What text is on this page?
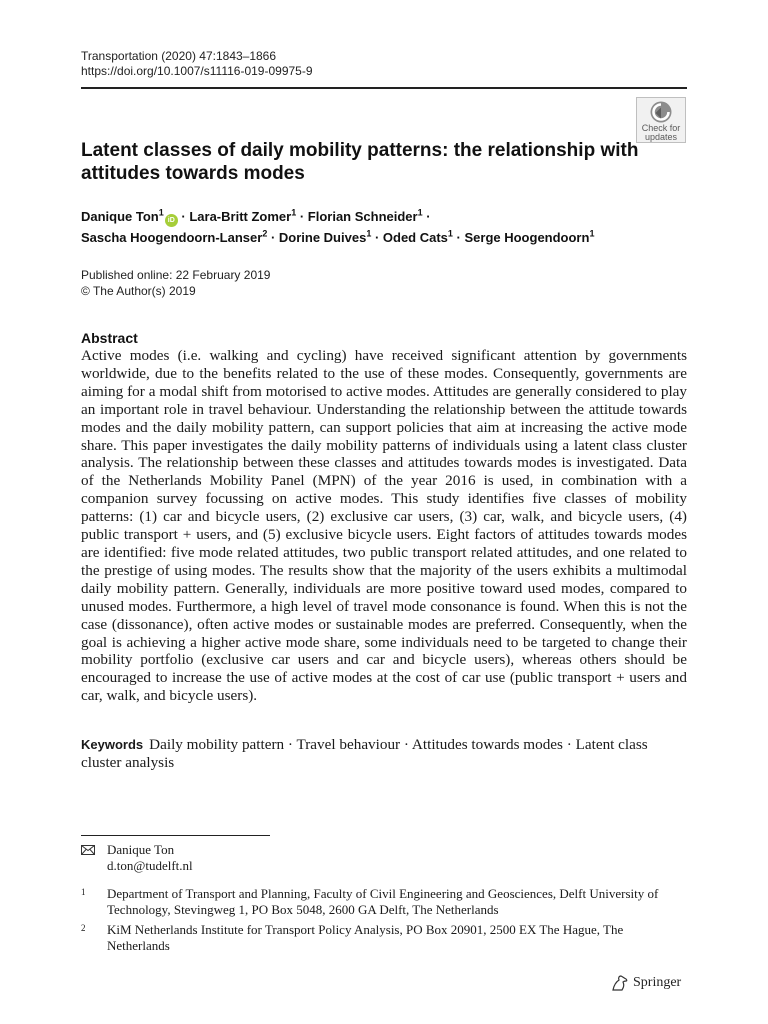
Transportation (2020) 47:1843–1866
https://doi.org/10.1007/s11116-019-09975-9
Check for
updates
Latent classes of daily mobility patterns: the relationship with attitudes towards modes
Danique Ton$^1$iD · Lara-Britt Zomer$^1$ · Florian Schneider$^1$ ·
Sascha Hoogendoorn-Lanser$^2$ · Dorine Duives$^1$ · Oded Cats$^1$ · Serge Hoogendoorn$^1$
Published online: 22 February 2019
© The Author(s) 2019
Abstract

Active modes (i.e. walking and cycling) have received significant attention by governments worldwide, due to the benefits related to the use of these modes. Consequently, governments are aiming for a modal shift from motorised to active modes. Attitudes are generally considered to play an important role in travel behaviour. Understanding the relationship between the attitude towards modes and the daily mobility pattern, can support policies that aim at increasing the active mode share. This paper investigates the daily mobility patterns of individuals using a latent class cluster analysis. The relationship between these classes and attitudes towards modes is investigated. Data of the Netherlands Mobility Panel (MPN) of the year 2016 is used, in combination with a companion survey focussing on active modes. This study identifies five classes of mobility patterns: (1) car and bicycle users, (2) exclusive car users, (3) car, walk, and bicycle users, (4) public transport + users, and (5) exclusive bicycle users. Eight factors of attitudes towards modes are identified: five mode related attitudes, two public transport related attitudes, and one related to the prestige of using modes. The results show that the majority of the users exhibits a multimodal daily mobility pattern. Generally, individuals are more positive toward used modes, compared to unused modes. Furthermore, a high level of travel mode consonance is found. When this is not the case (dissonance), often active modes or sustainable modes are preferred. Consequently, when the goal is achieving a higher active mode share, some individuals need to be targeted to change their mobility portfolio (exclusive car users and car and bicycle users), whereas others should be encouraged to increase the use of active modes at the cost of car use (public transport + users and car, walk, and bicycle users).

Keywords Daily mobility pattern · Travel behaviour · Attitudes towards modes · Latent class cluster analysis

Danique Ton
d.ton@tudelft.nl
1 Department of Transport and Planning, Faculty of Civil Engineering and Geosciences, Delft University of Technology, Stevingweg 1, PO Box 5048, 2600 GA Delft, The Netherlands
2 KiM Netherlands Institute for Transport Policy Analysis, PO Box 20901, 2500 EX The Hague, The Netherlands
Springer
